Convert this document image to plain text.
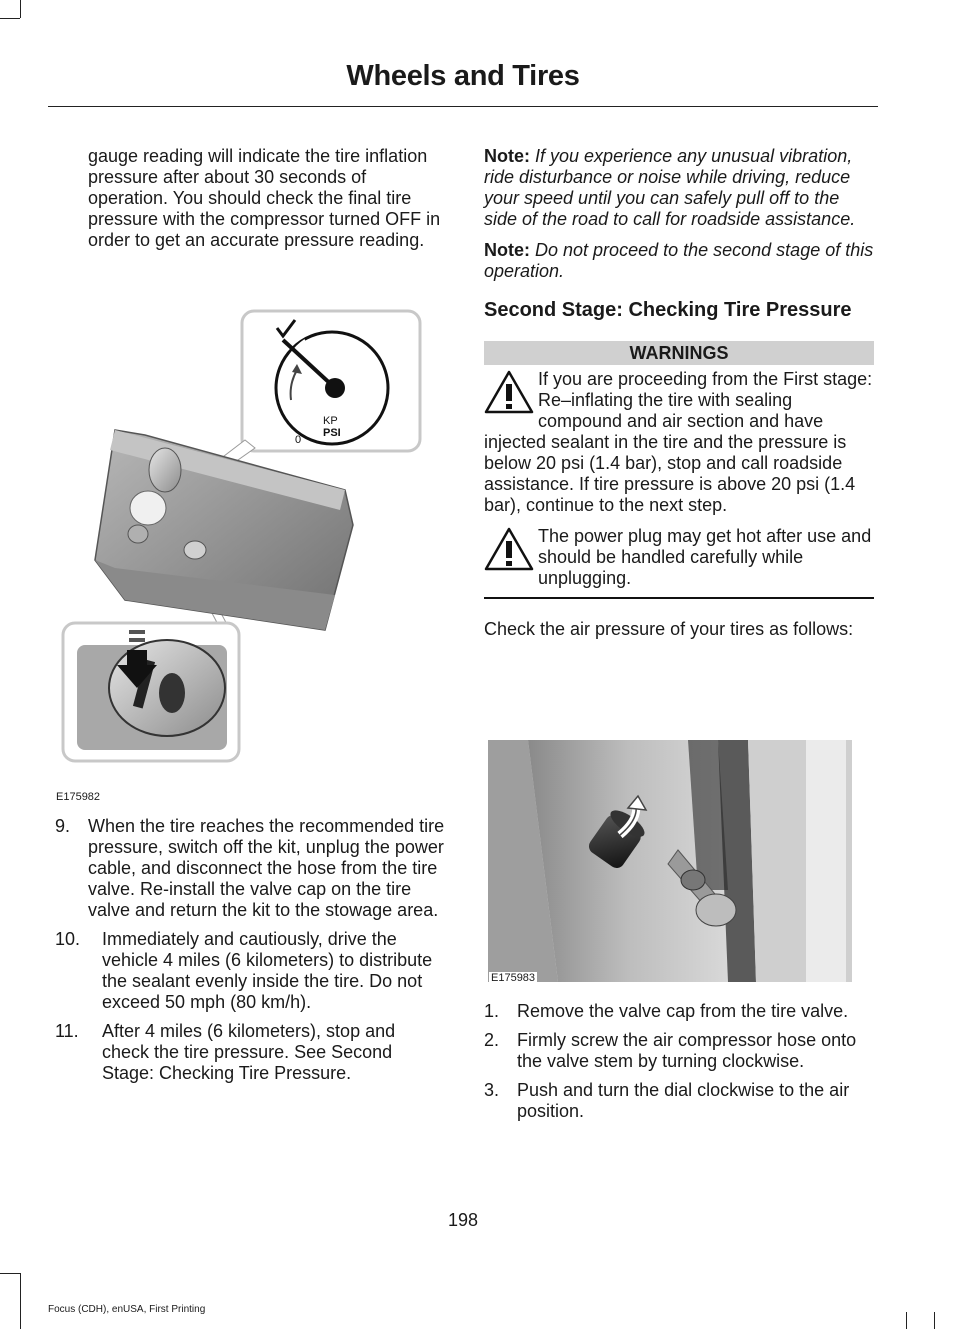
Wheels and Tires

gauge reading will indicate the tire inflation pressure after about 30 seconds of operation. You should check the final tire pressure with the compressor turned OFF in order to get an accurate pressure reading.

0
KP
PSI
E175982
9. When the tire reaches the recommended tire pressure, switch off the kit, unplug the power cable, and disconnect the hose from the tire valve. Re-install the valve cap on the tire valve and return the kit to the stowage area.
10. Immediately and cautiously, drive the vehicle 4 miles (6 kilometers) to distribute the sealant evenly inside the tire. Do not exceed 50 mph (80 km/h).
11. After 4 miles (6 kilometers), stop and check the tire pressure. See Second Stage: Checking Tire Pressure.

Note: If you experience any unusual vibration, ride disturbance or noise while driving, reduce your speed until you can safely pull off to the side of the road to call for roadside assistance.

Note: Do not proceed to the second stage of this operation.

Second Stage: Checking Tire Pressure
WARNINGS
If you are proceeding from the First stage: Re–inflating the tire with sealing compound and air section and have injected sealant in the tire and the pressure is below 20 psi (1.4 bar), stop and call roadside assistance. If tire pressure is above 20 psi (1.4 bar), continue to the next step.
The power plug may get hot after use and should be handled carefully while unplugging.

Check the air pressure of your tires as follows:

E175983
1. Remove the valve cap from the tire valve.
2. Firmly screw the air compressor hose onto the valve stem by turning clockwise.
3. Push and turn the dial clockwise to the air position.
198
Focus (CDH), enUSA, First Printing
